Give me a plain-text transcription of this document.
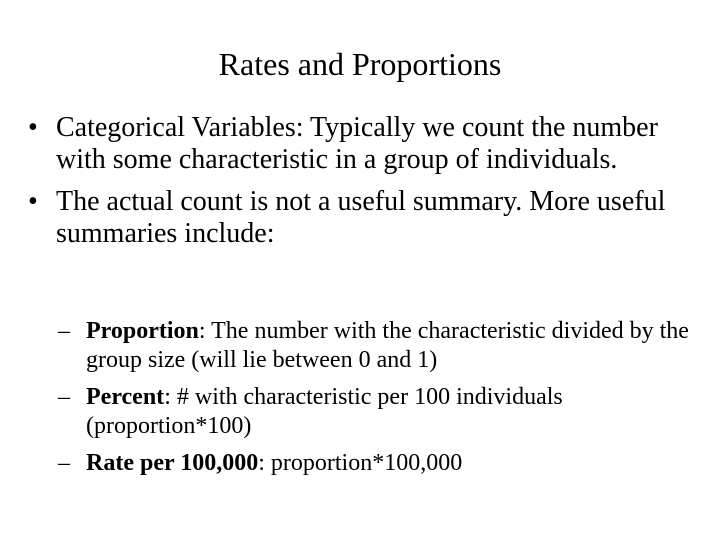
Rates and Proportions
• Categorical Variables: Typically we count the number with some characteristic in a group of individuals.
• The actual count is not a useful summary. More useful summaries include:
– Proportion: The number with the characteristic divided by the group size (will lie between 0 and 1)
– Percent: # with characteristic per 100 individuals (proportion*100)
– Rate per 100,000: proportion*100,000
